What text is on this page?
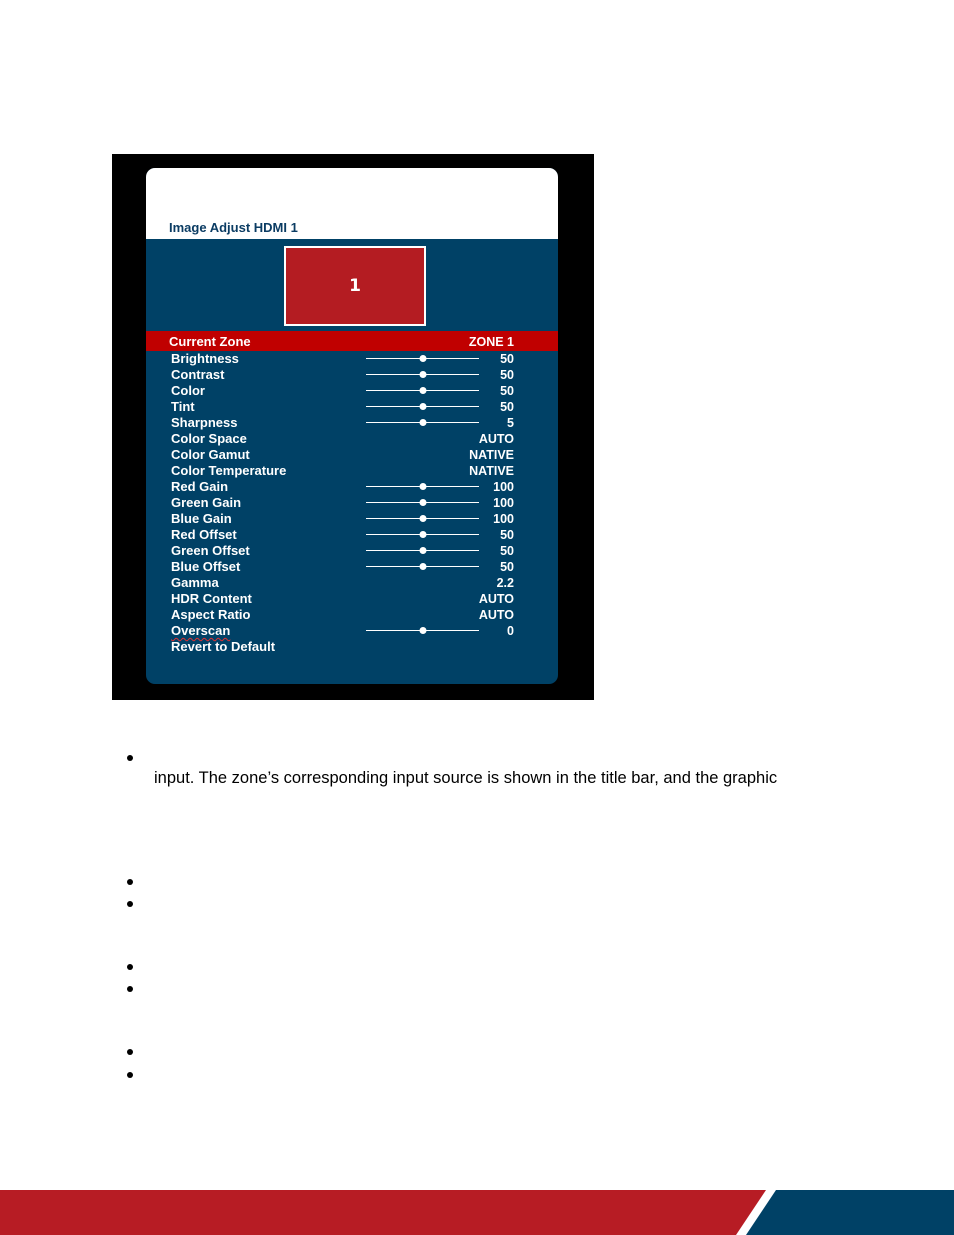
Image Adjust HDMI 1
1
Current Zone	ZONE 1
Brightness	50
Contrast	50
Color	50
Tint	50
Sharpness	5
Color Space	AUTO
Color Gamut	NATIVE
Color Temperature	NATIVE
Red Gain	100
Green Gain	100
Blue Gain	100
Red Offset	50
Green Offset	50
Blue Offset	50
Gamma	2.2
HDR Content	AUTO
Aspect Ratio	AUTO
Overscan	0
Revert to Default
input. The zone’s corresponding input source is shown in the title bar, and the graphic
